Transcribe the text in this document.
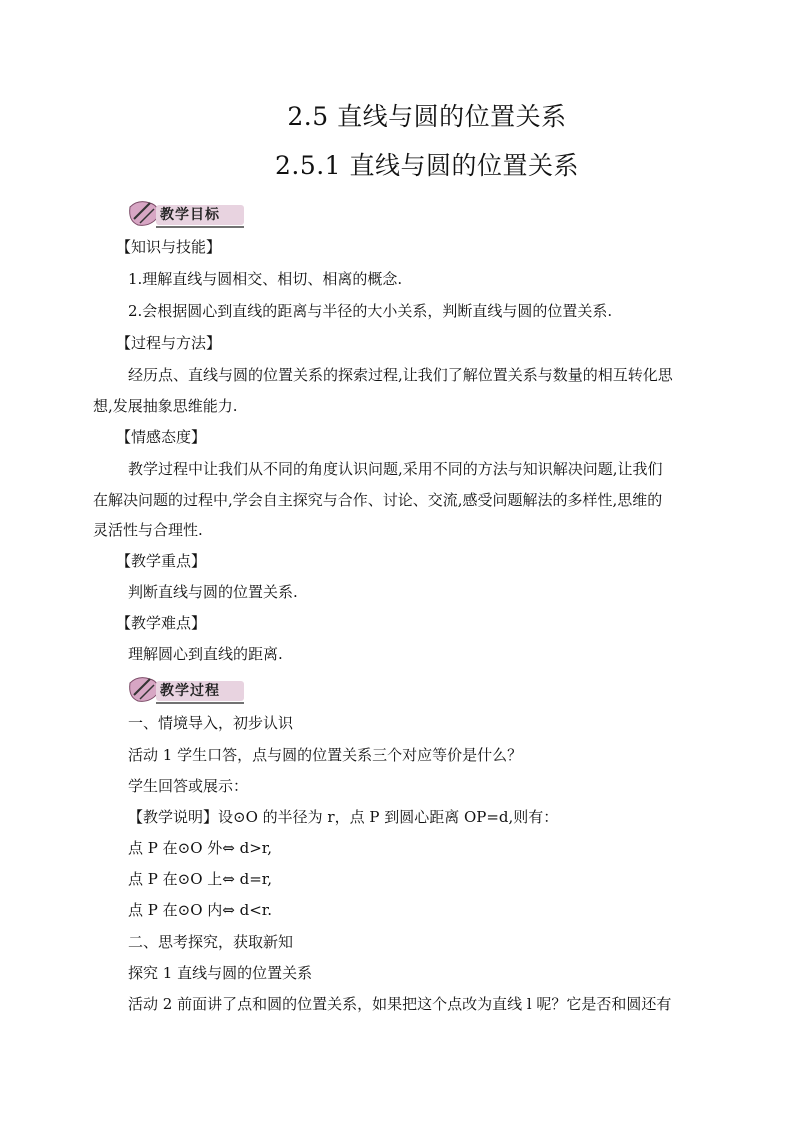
2.5 直线与圆的位置关系
2.5.1 直线与圆的位置关系
教学目标
【知识与技能】
1.理解直线与圆相交、相切、相离的概念.
2.会根据圆心到直线的距离与半径的大小关系，判断直线与圆的位置关系.
【过程与方法】
经历点、直线与圆的位置关系的探索过程,让我们了解位置关系与数量的相互转化思
想,发展抽象思维能力.
【情感态度】
教学过程中让我们从不同的角度认识问题,采用不同的方法与知识解决问题,让我们
在解决问题的过程中,学会自主探究与合作、讨论、交流,感受问题解法的多样性,思维的
灵活性与合理性.
【教学重点】
判断直线与圆的位置关系.
【教学难点】
理解圆心到直线的距离.
教学过程
一、情境导入，初步认识
活动 1 学生口答，点与圆的位置关系三个对应等价是什么？
学生回答或展示：
【教学说明】设⊙O 的半径为 r，点 P 到圆心距离 OP=d,则有：
点 P 在⊙O 外⇔ d>r,
点 P 在⊙O 上⇔ d=r,
点 P 在⊙O 内⇔ d<r.
二、思考探究，获取新知
探究 1 直线与圆的位置关系
活动 2 前面讲了点和圆的位置关系，如果把这个点改为直线 l 呢？它是否和圆还有
